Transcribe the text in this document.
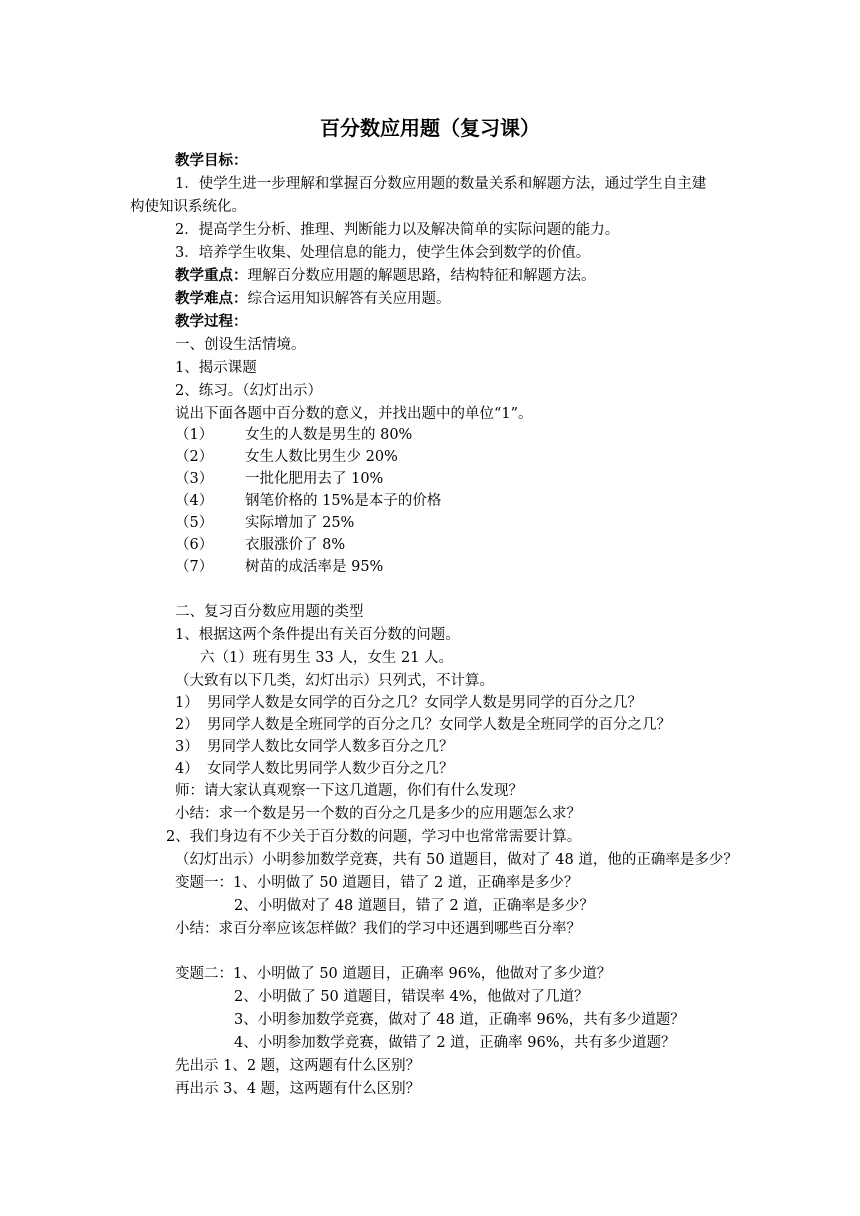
百分数应用题（复习课）
教学目标：
1．使学生进一步理解和掌握百分数应用题的数量关系和解题方法，通过学生自主建
构使知识系统化。
2．提高学生分析、推理、判断能力以及解决简单的实际问题的能力。
3．培养学生收集、处理信息的能力，使学生体会到数学的价值。
教学重点：理解百分数应用题的解题思路，结构特征和解题方法。
教学难点：综合运用知识解答有关应用题。
教学过程：
一、创设生活情境。
1、揭示课题
2、练习。（幻灯出示）
说出下面各题中百分数的意义，并找出题中的单位“1”。
（1） 女生的人数是男生的 80%
（2） 女生人数比男生少 20%
（3） 一批化肥用去了 10%
（4） 钢笔价格的 15%是本子的价格
（5） 实际增加了 25%
（6） 衣服涨价了 8%
（7） 树苗的成活率是 95%
二、复习百分数应用题的类型
1、根据这两个条件提出有关百分数的问题。
六（1）班有男生 33 人，女生 21 人。
（大致有以下几类，幻灯出示）只列式，不计算。
1） 男同学人数是女同学的百分之几？女同学人数是男同学的百分之几？
2） 男同学人数是全班同学的百分之几？女同学人数是全班同学的百分之几？
3） 男同学人数比女同学人数多百分之几？
4） 女同学人数比男同学人数少百分之几？
师：请大家认真观察一下这几道题，你们有什么发现？
小结：求一个数是另一个数的百分之几是多少的应用题怎么求？
2、我们身边有不少关于百分数的问题，学习中也常常需要计算。
（幻灯出示）小明参加数学竞赛，共有 50 道题目，做对了 48 道，他的正确率是多少？
变题一：1、小明做了 50 道题目，错了 2 道，正确率是多少？
2、小明做对了 48 道题目，错了 2 道，正确率是多少？
小结：求百分率应该怎样做？我们的学习中还遇到哪些百分率？
变题二：1、小明做了 50 道题目，正确率 96%，他做对了多少道？
2、小明做了 50 道题目，错误率 4%，他做对了几道？
3、小明参加数学竞赛，做对了 48 道，正确率 96%，共有多少道题？
4、小明参加数学竞赛，做错了 2 道，正确率 96%，共有多少道题？
先出示 1、2 题，这两题有什么区别？
再出示 3、4 题，这两题有什么区别？
